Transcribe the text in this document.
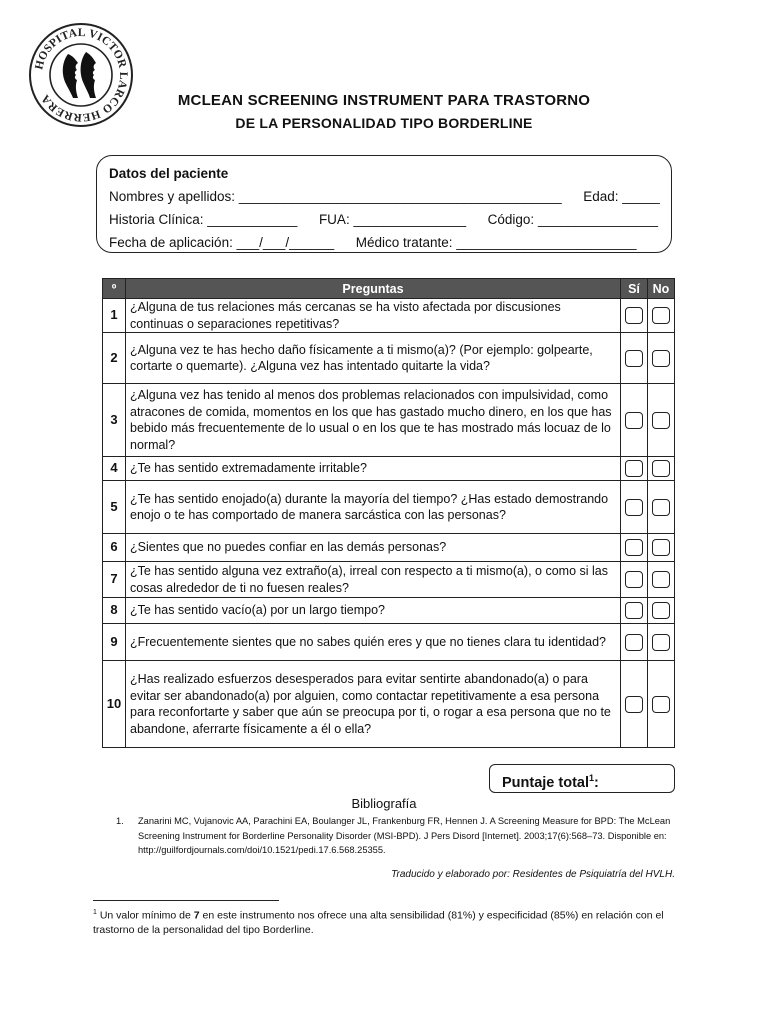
HOSPITAL VICTOR LARCO HERRERA	MCLEAN SCREENING INSTRUMENT PARA TRASTORNO
DE LA PERSONALIDAD TIPO BORDERLINE
Datos del paciente
Nombres y apellidos: ___________________________________________ Edad: _____
Historia Clínica: ____________ FUA: _______________ Código: ________________
Fecha de aplicación: ___/___/______ Médico tratante: ________________________
º	Preguntas	Sí	No
1	¿Alguna de tus relaciones más cercanas se ha visto afectada por discusiones continuas o separaciones repetitivas?		
2	¿Alguna vez te has hecho daño físicamente a ti mismo(a)? (Por ejemplo: golpearte, cortarte o quemarte). ¿Alguna vez has intentado quitarte la vida?		
3	¿Alguna vez has tenido al menos dos problemas relacionados con impulsividad, como atracones de comida, momentos en los que has gastado mucho dinero, en los que has bebido más frecuentemente de lo usual o en los que te has mostrado más locuaz de lo normal?		
4	¿Te has sentido extremadamente irritable?		
5	¿Te has sentido enojado(a) durante la mayoría del tiempo? ¿Has estado demostrando enojo o te has comportado de manera sarcástica con las personas?		
6	¿Sientes que no puedes confiar en las demás personas?		
7	¿Te has sentido alguna vez extraño(a), irreal con respecto a ti mismo(a), o como si las cosas alrededor de ti no fuesen reales?		
8	¿Te has sentido vacío(a) por un largo tiempo?		
9	¿Frecuentemente sientes que no sabes quién eres y que no tienes clara tu identidad?		
10	¿Has realizado esfuerzos desesperados para evitar sentirte abandonado(a) o para evitar ser abandonado(a) por alguien, como contactar repetitivamente a esa persona para reconfortarte y saber que aún se preocupa por ti, o rogar a esa persona que no te abandone, aferrarte físicamente a él o ella?		
Puntaje total$^1$:
Bibliografía
1.	Zanarini MC, Vujanovic AA, Parachini EA, Boulanger JL, Frankenburg FR, Hennen J. A Screening Measure for BPD: The McLean Screening Instrument for Borderline Personality Disorder (MSI-BPD). J Pers Disord [Internet]. 2003;17(6):568–73. Disponible en: http://guilfordjournals.com/doi/10.1521/pedi.17.6.568.25355.
Traducido y elaborado por: Residentes de Psiquiatría del HVLH.
$^1$ Un valor mínimo de 7 en este instrumento nos ofrece una alta sensibilidad (81%) y especificidad (85%) en relación con el trastorno de la personalidad del tipo Borderline.
